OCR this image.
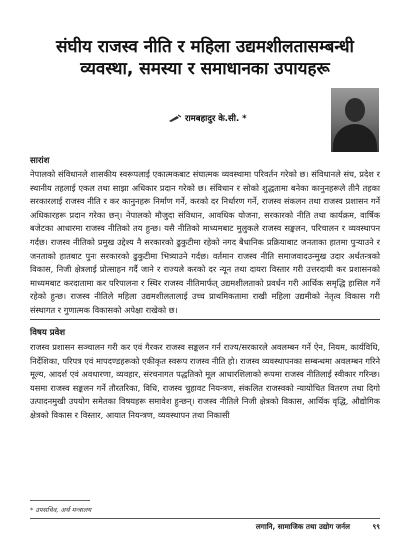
संघीय राजस्व नीति र महिला उद्यमशीलतासम्बन्धी
व्यवस्था, समस्या र समाधानका उपायहरू
रामबहादुर के.सी. *
सारांश

नेपालको संविधानले शासकीय स्वरूपलाई एकात्मकबाट संघात्मक व्यवस्थामा परिवर्तन गरेको छ। संविधानले संघ, प्रदेश र स्थानीय तहलाई एकल तथा साझा अधिकार प्रदान गरेको छ। संविधान र सोको शुद्धतामा बनेका कानुनहरूले तीनै तहका सरकारलाई राजस्व नीति र कर कानुनहरू निर्माण गर्ने, करको दर निर्धारण गर्ने, राजस्व संकलन तथा राजस्व प्रशासन गर्ने अधिकारहरू प्रदान गरेका छन्। नेपालको मौजुदा संविधान, आवधिक योजना, सरकारको नीति तथा कार्यक्रम, वार्षिक बजेटका आधारमा राजस्व नीतिको तय हुन्छ। यसै नीतिको माध्यमबाट मुलुकले राजस्व सङ्कलन, परिचालन र व्यवस्थापन गर्दछ। राजस्व नीतिको प्रमुख उद्देश्य नै सरकारको ढुकुटीमा रहेको नगद बैधानिक प्रक्रियाबाट जनताका हातमा पुर्‍याउने र जनताको हातबाट पुनः सरकारको ढुकुटीमा भित्र्याउने गर्दछ। वर्तमान राजस्व नीति समाजवादउन्मुख उदार अर्थतन्त्रको विकास, निजी क्षेत्रलाई प्रोत्साहन गर्दै जाने र राज्यले करको दर न्यून तथा दायरा विस्तार गरी उत्तरदायी कर प्रशासनको माध्यमबाट करदातामा कर परिपालना र स्थिर राजस्व नीतिमार्फत् उद्यमशीलताको प्रवर्धन गरी आर्थिक समृद्धि हासिल गर्ने रहेको हुन्छ। राजस्व नीतिले महिला उद्यमशीलतालाई उच्च प्राथमिकतामा राखी महिला उद्यमीको नेतृत्व विकास गरी संस्थागत र गुणात्मक विकासको अपेक्षा राखेको छ।

विषय प्रवेश

राजस्व प्रशासन सञ्चालन गरी कर एवं गैरकर राजस्व सङ्कलन गर्न राज्य/सरकारले अवलम्बन गर्ने ऐन, नियम, कार्यविधि, निर्देशिका, परिपत्र एवं मापदण्डहरूको एकीकृत स्वरूप राजस्व नीति हो। राजस्व व्यवस्थापनका सम्बन्धमा अवलम्बन गरिने मूल्य, आदर्श एवं अवधारणा, व्यवहार, संरचनागत पद्धतिको मूल आधारशिलाको रूपमा राजस्व नीतिलाई स्वीकार गरिन्छ। यसमा राजस्व सङ्कलन गर्ने तौरतरिका, विधि, राजस्व चुहावट नियन्त्रण, संकलित राजस्वको न्यायोचित वितरण तथा दिगो उत्पादनमुखी उपयोग समेतका विषयहरू समावेश हुन्छन्। राजस्व नीतिले निजी क्षेत्रको विकास, आर्थिक वृद्धि, औद्योगिक क्षेत्रको विकास र विस्तार, आयात नियन्त्रण, व्यवस्थापन तथा निकासी

* उपसचिव, अर्थ मन्त्रालय
लगानि, सामाजिक तथा उद्योग जर्नल	९९
